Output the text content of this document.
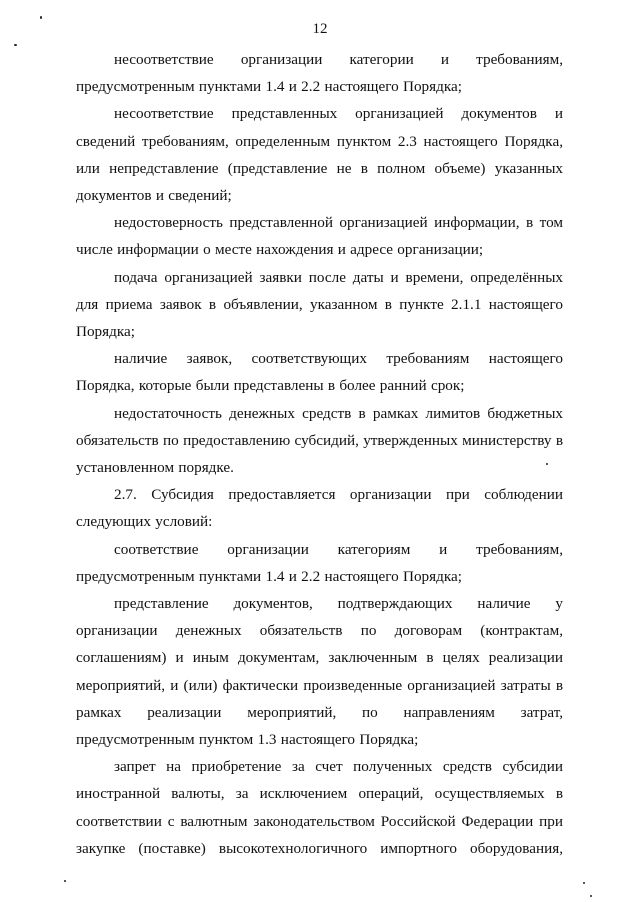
12

несоответствие организации категории и требованиям, предусмотренным пунктами 1.4 и 2.2 настоящего Порядка;

несоответствие представленных организацией документов и сведений требованиям, определенным пунктом 2.3 настоящего Порядка, или непредставление (представление не в полном объеме) указанных документов и сведений;

недостоверность представленной организацией информации, в том числе информации о месте нахождения и адресе организации;

подача организацией заявки после даты и времени, определённых для приема заявок в объявлении, указанном в пункте 2.1.1 настоящего Порядка;

наличие заявок, соответствующих требованиям настоящего Порядка, которые были представлены в более ранний срок;

недостаточность денежных средств в рамках лимитов бюджетных обязательств по предоставлению субсидий, утвержденных министерству в установленном порядке.

2.7. Субсидия предоставляется организации при соблюдении следующих условий:

соответствие организации категориям и требованиям, предусмотренным пунктами 1.4 и 2.2 настоящего Порядка;

представление документов, подтверждающих наличие у организации денежных обязательств по договорам (контрактам, соглашениям) и иным документам, заключенным в целях реализации мероприятий, и (или) фактически произведенные организацией затраты в рамках реализации мероприятий, по направлениям затрат, предусмотренным пунктом 1.3 настоящего Порядка;

запрет на приобретение за счет полученных средств субсидии иностранной валюты, за исключением операций, осуществляемых в соответствии с валютным законодательством Российской Федерации при закупке (поставке) высокотехнологичного импортного оборудования,
